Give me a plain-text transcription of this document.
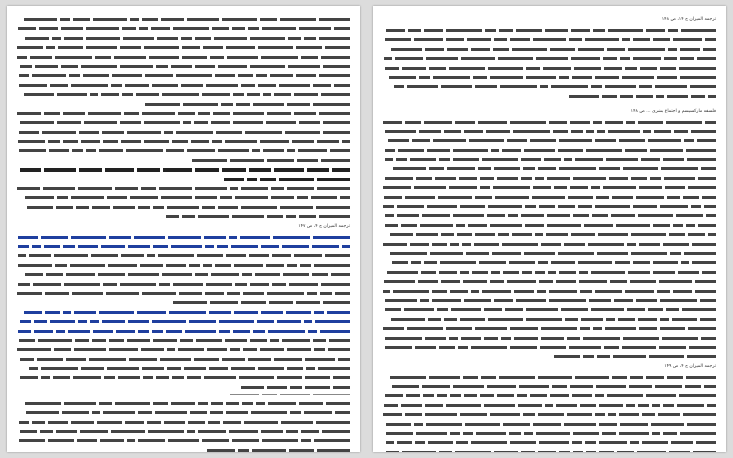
ترجمه المیزان ج ۴، ص ۱۴۷
ترجمه المیزان ج ۱۴، ص ۱۴۸
فلسفه مارکسیسم و اجتماع بشری ... ص ۱۴۸
ترجمه المیزان ج ۴، ص ۱۴۹
